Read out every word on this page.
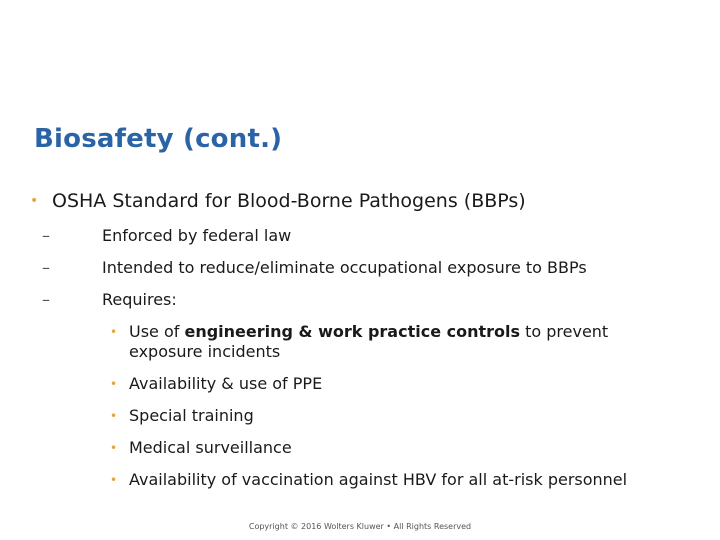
Biosafety (cont.)
• OSHA Standard for Blood-Borne Pathogens (BBPs)
–	Enforced by federal law
–	Intended to reduce/eliminate occupational exposure to BBPs
–	Requires:
• Use of engineering & work practice controls to prevent
exposure incidents
• Availability & use of PPE
• Special training
• Medical surveillance
• Availability of vaccination against HBV for all at-risk personnel
Copyright © 2016 Wolters Kluwer • All Rights Reserved
